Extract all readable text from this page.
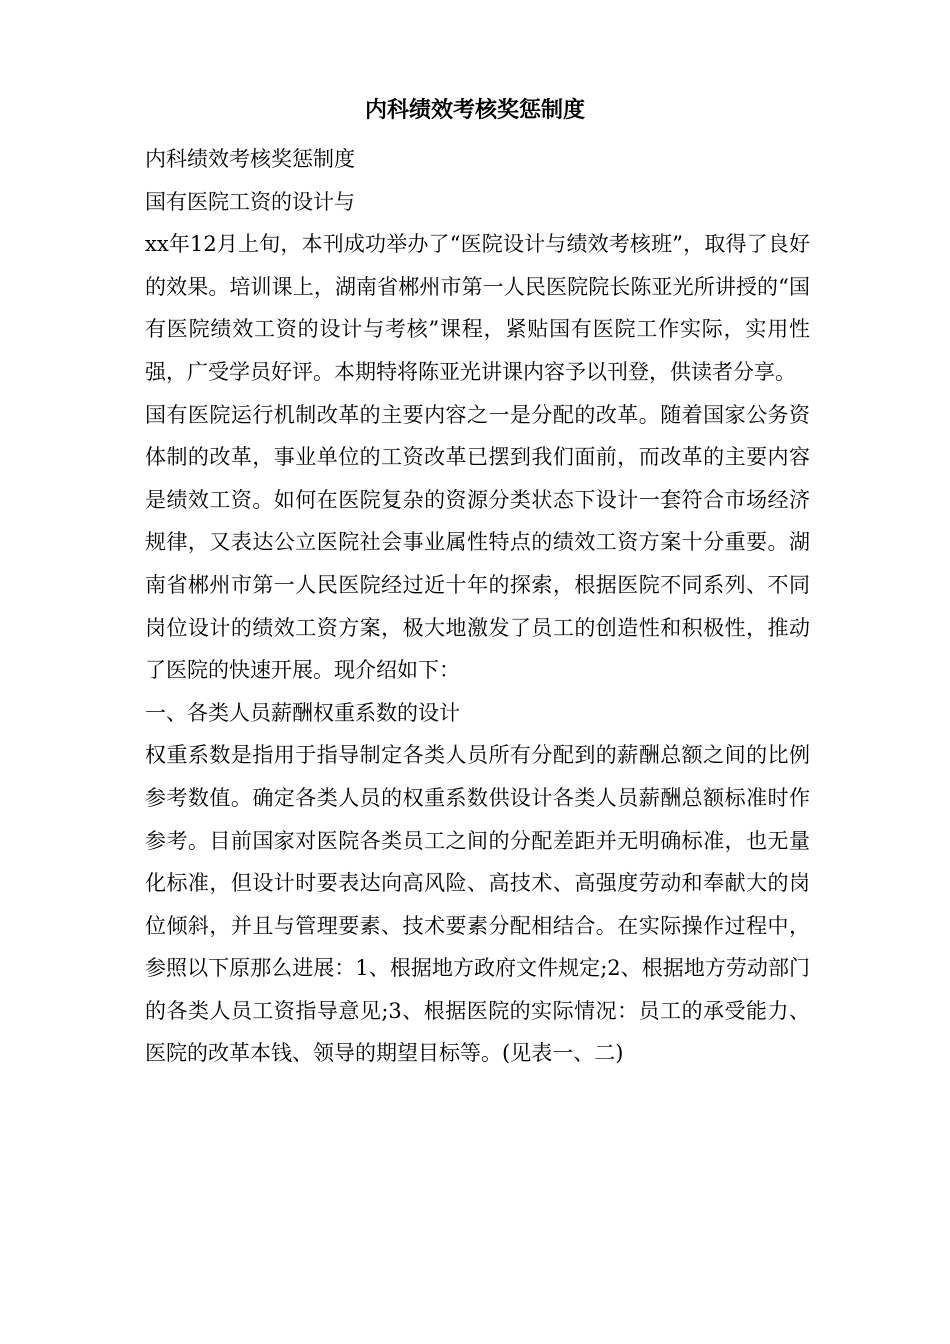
内科绩效考核奖惩制度

内科绩效考核奖惩制度

国有医院工资的设计与

xx年12月上旬，本刊成功举办了“医院设计与绩效考核班”，取得了良好的效果。培训课上，湖南省郴州市第一人民医院院长陈亚光所讲授的“国有医院绩效工资的设计与考核”课程，紧贴国有医院工作实际，实用性强，广受学员好评。本期特将陈亚光讲课内容予以刊登，供读者分享。

国有医院运行机制改革的主要内容之一是分配的改革。随着国家公务资体制的改革，事业单位的工资改革已摆到我们面前，而改革的主要内容是绩效工资。如何在医院复杂的资源分类状态下设计一套符合市场经济规律，又表达公立医院社会事业属性特点的绩效工资方案十分重要。湖南省郴州市第一人民医院经过近十年的探索，根据医院不同系列、不同岗位设计的绩效工资方案，极大地激发了员工的创造性和积极性，推动了医院的快速开展。现介绍如下：

一、各类人员薪酬权重系数的设计

权重系数是指用于指导制定各类人员所有分配到的薪酬总额之间的比例参考数值。确定各类人员的权重系数供设计各类人员薪酬总额标准时作参考。目前国家对医院各类员工之间的分配差距并无明确标准，也无量化标准，但设计时要表达向高风险、高技术、高强度劳动和奉献大的岗位倾斜，并且与管理要素、技术要素分配相结合。在实际操作过程中，参照以下原那么进展：1、根据地方政府文件规定;2、根据地方劳动部门的各类人员工资指导意见;3、根据医院的实际情况：员工的承受能力、医院的改革本钱、领导的期望目标等。(见表一、二)
